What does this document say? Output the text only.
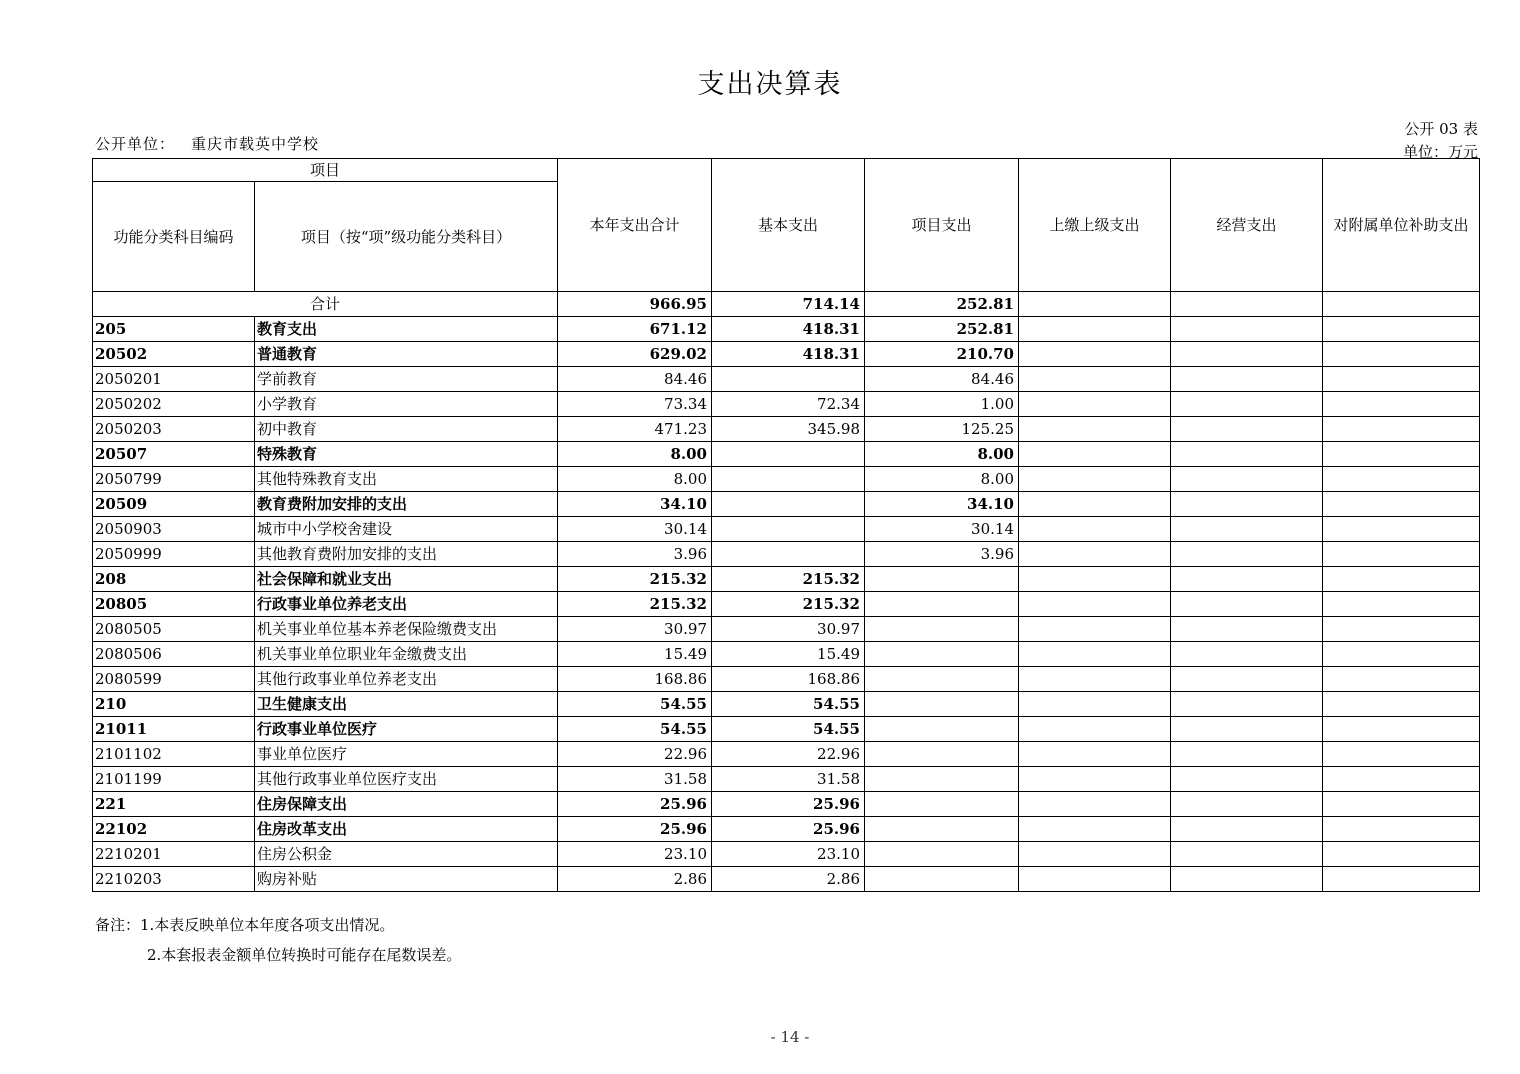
支出决算表
公开单位： 重庆市载英中学校
公开 03 表
单位：万元
项目		本年支出合计	基本支出	项目支出	上缴上级支出	经营支出	对附属单位补助支出
功能分类科目编码	项目（按“项”级功能分类科目）						
合计		966.95	714.14	252.81			
205	教育支出	671.12	418.31	252.81			
20502	普通教育	629.02	418.31	210.70			
2050201	学前教育	84.46		84.46			
2050202	小学教育	73.34	72.34	1.00			
2050203	初中教育	471.23	345.98	125.25			
20507	特殊教育	8.00		8.00			
2050799	其他特殊教育支出	8.00		8.00			
20509	教育费附加安排的支出	34.10		34.10			
2050903	城市中小学校舍建设	30.14		30.14			
2050999	其他教育费附加安排的支出	3.96		3.96			
208	社会保障和就业支出	215.32	215.32				
20805	行政事业单位养老支出	215.32	215.32				
2080505	机关事业单位基本养老保险缴费支出	30.97	30.97				
2080506	机关事业单位职业年金缴费支出	15.49	15.49				
2080599	其他行政事业单位养老支出	168.86	168.86				
210	卫生健康支出	54.55	54.55				
21011	行政事业单位医疗	54.55	54.55				
2101102	事业单位医疗	22.96	22.96				
2101199	其他行政事业单位医疗支出	31.58	31.58				
221	住房保障支出	25.96	25.96				
22102	住房改革支出	25.96	25.96				
2210201	住房公积金	23.10	23.10				
2210203	购房补贴	2.86	2.86				
备注：1.本表反映单位本年度各项支出情况。
2.本套报表金额单位转换时可能存在尾数误差。
- 14 -
